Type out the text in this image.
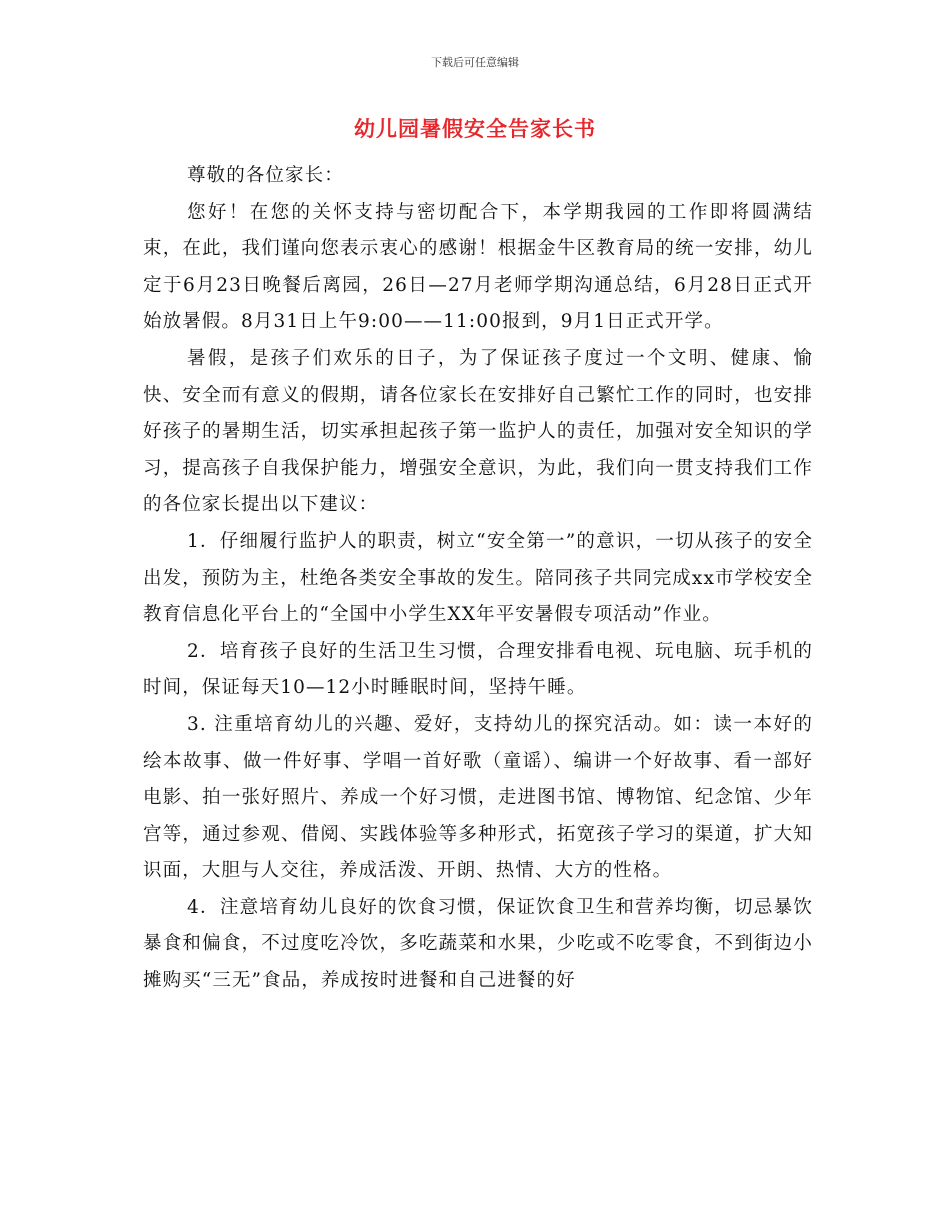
下载后可任意编辑
幼儿园暑假安全告家长书

尊敬的各位家长：

您好！在您的关怀支持与密切配合下，本学期我园的工作即将圆满结束，在此，我们谨向您表示衷心的感谢！根据金牛区教育局的统一安排，幼儿定于6月23日晚餐后离园，26日—27月老师学期沟通总结，6月28日正式开始放暑假。8月31日上午9:00——11:00报到，9月1日正式开学。

暑假，是孩子们欢乐的日子，为了保证孩子度过一个文明、健康、愉快、安全而有意义的假期，请各位家长在安排好自己繁忙工作的同时，也安排好孩子的暑期生活，切实承担起孩子第一监护人的责任，加强对安全知识的学习，提高孩子自我保护能力，增强安全意识，为此，我们向一贯支持我们工作的各位家长提出以下建议：

1．仔细履行监护人的职责，树立“安全第一”的意识，一切从孩子的安全出发，预防为主，杜绝各类安全事故的发生。陪同孩子共同完成xx市学校安全教育信息化平台上的“全国中小学生XX年平安暑假专项活动”作业。

2．培育孩子良好的生活卫生习惯，合理安排看电视、玩电脑、玩手机的时间，保证每天10—12小时睡眠时间，坚持午睡。

3. 注重培育幼儿的兴趣、爱好，支持幼儿的探究活动。如：读一本好的绘本故事、做一件好事、学唱一首好歌（童谣）、编讲一个好故事、看一部好电影、拍一张好照片、养成一个好习惯，走进图书馆、博物馆、纪念馆、少年宫等，通过参观、借阅、实践体验等多种形式，拓宽孩子学习的渠道，扩大知识面，大胆与人交往，养成活泼、开朗、热情、大方的性格。

4．注意培育幼儿良好的饮食习惯，保证饮食卫生和营养均衡，切忌暴饮暴食和偏食，不过度吃冷饮，多吃蔬菜和水果，少吃或不吃零食，不到街边小摊购买“三无”食品，养成按时进餐和自己进餐的好
